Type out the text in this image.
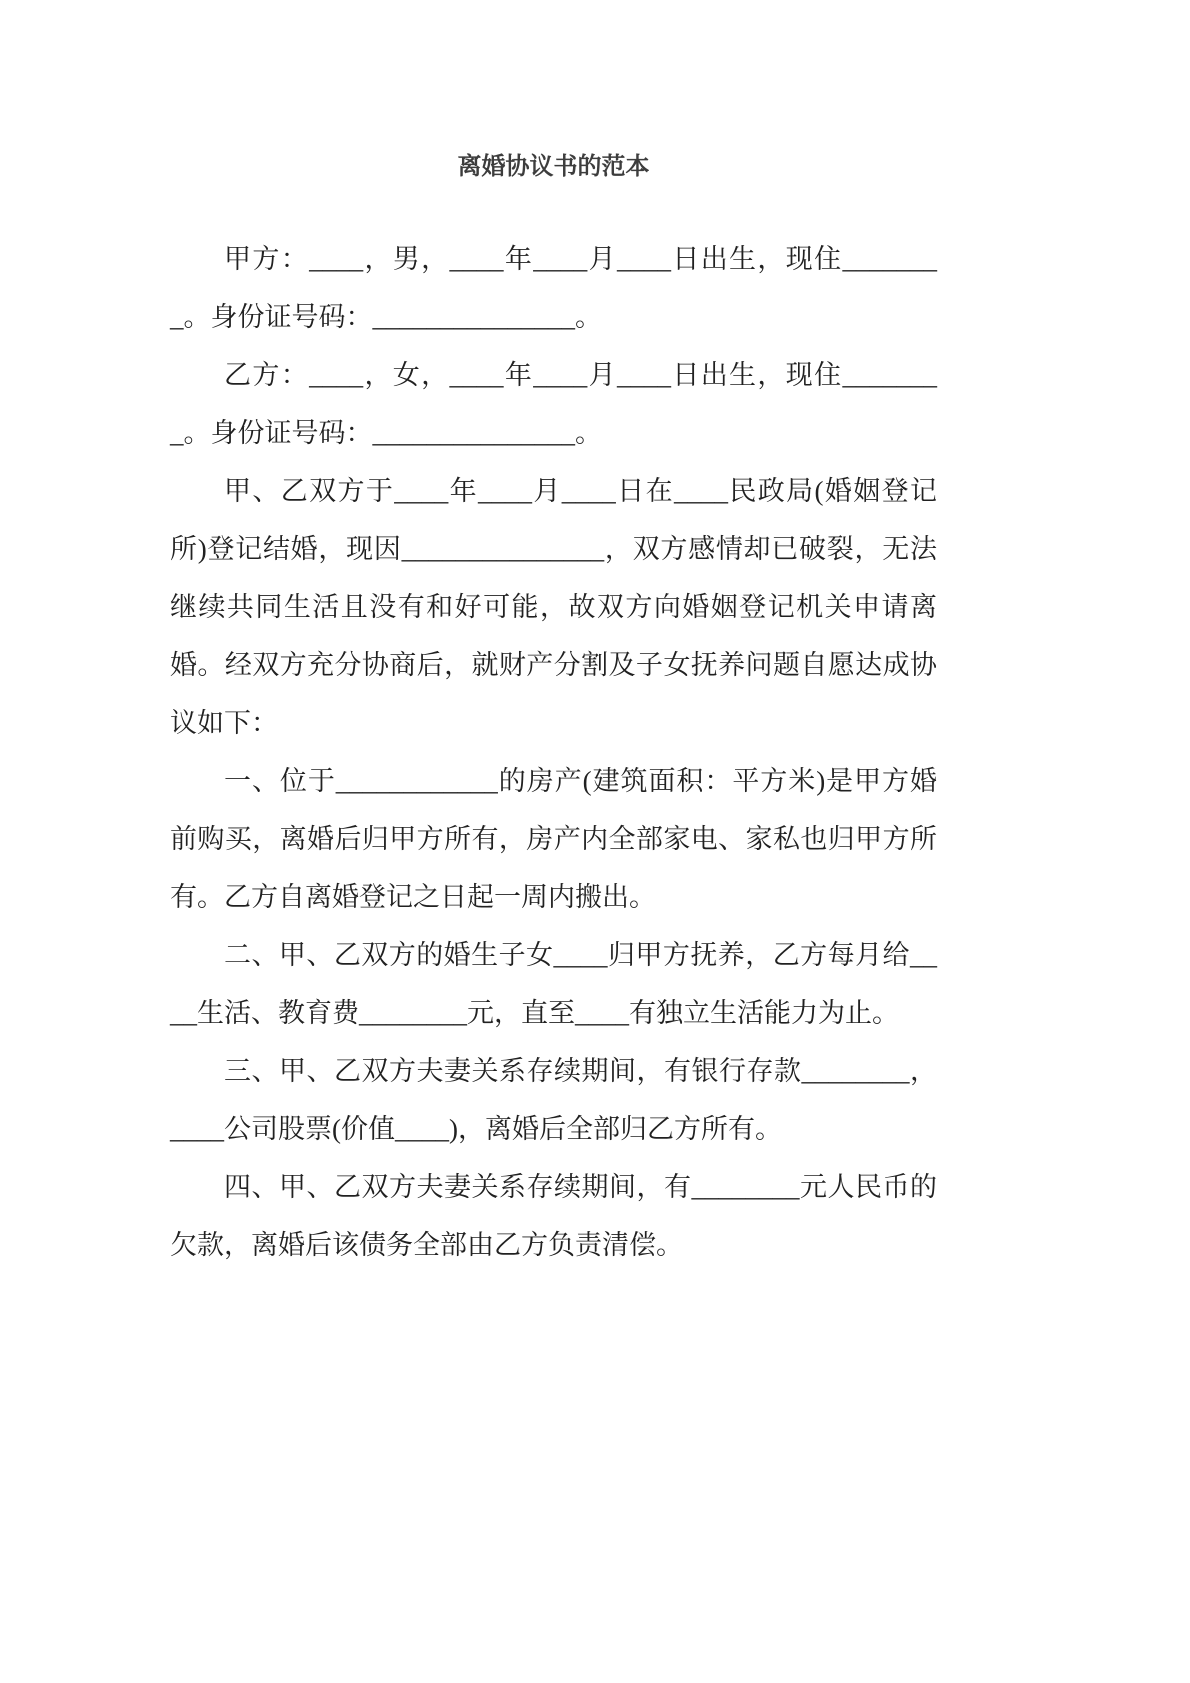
离婚协议书的范本

甲方：____，男，____年____月____日出生，现住________。身份证号码：_______________。

乙方：____，女，____年____月____日出生，现住________。身份证号码：_______________。

甲、乙双方于____年____月____日在____民政局(婚姻登记所)登记结婚，现因_______________，双方感情却已破裂，无法继续共同生活且没有和好可能，故双方向婚姻登记机关申请离婚。经双方充分协商后，就财产分割及子女抚养问题自愿达成协议如下：

一、位于____________的房产(建筑面积：平方米)是甲方婚前购买，离婚后归甲方所有，房产内全部家电、家私也归甲方所有。乙方自离婚登记之日起一周内搬出。

二、甲、乙双方的婚生子女____归甲方抚养，乙方每月给____生活、教育费________元，直至____有独立生活能力为止。

三、甲、乙双方夫妻关系存续期间，有银行存款________，____公司股票(价值____)，离婚后全部归乙方所有。

四、甲、乙双方夫妻关系存续期间，有________元人民币的欠款，离婚后该债务全部由乙方负责清偿。
